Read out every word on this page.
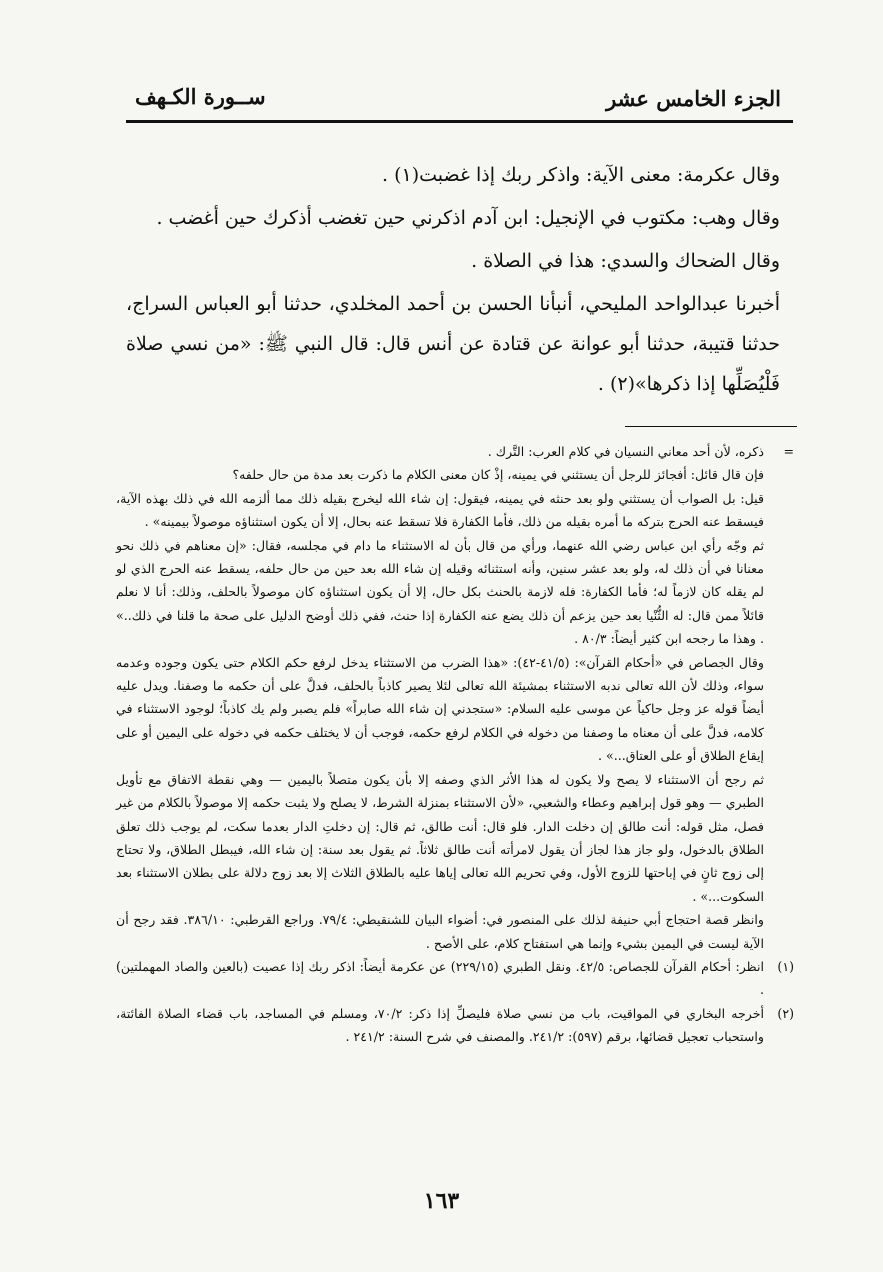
الجزء الخامس عشر
ســورة الكـهف

وقال عكرمة: معنى الآية: واذكر ربك إذا غضبت(١) .

وقال وهب: مكتوب في الإنجيل: ابن آدم اذكرني حين تغضب أذكرك حين أغضب .

وقال الضحاك والسدي: هذا في الصلاة .

أخبرنا عبدالواحد المليحي، أنبأنا الحسن بن أحمد المخلدي، حدثنا أبو العباس السراج، حدثنا قتيبة، حدثنا أبو عوانة عن قتادة عن أنس قال: قال النبي ﷺ: «من نسي صلاة فَلْيُصَلِّها إذا ذكرها»(٢) .

=
ذكره، لأن أحد معاني النسيان في كلام العرب: التَّرك .

فإن قال قائل: أفجائز للرجل أن يستثني في يمينه، إذْ كان معنى الكلام ما ذكرت بعد مدة من حال حلفه؟

قيل: بل الصواب أن يستثني ولو بعد حنثه في يمينه، فيقول: إن شاء الله ليخرج بقيله ذلك مما ألزمه الله في ذلك بهذه الآية، فيسقط عنه الحرج بتركه ما أمره بقيله من ذلك، فأما الكفارة فلا تسقط عنه بحال، إلا أن يكون استثناؤه موصولاً بيمينه» .

ثم وجّه رأي ابن عباس رضي الله عنهما، ورأي من قال بأن له الاستثناء ما دام في مجلسه، فقال: «إن معناهم في ذلك نحو معنانا في أن ذلك له، ولو بعد عشر سنين، وأنه استثنائه وقيله إن شاء الله بعد حين من حال حلفه، يسقط عنه الحرج الذي لو لم يقله كان لازماً له؛ فأما الكفارة: فله لازمة بالحنث بكل حال، إلا أن يكون استثناؤه كان موصولاً بالحلف، وذلك: أنا لا نعلم قائلاً ممن قال: له الثُّنْيا بعد حين يزعم أن ذلك يضع عنه الكفارة إذا حنث، ففي ذلك أوضح الدليل على صحة ما قلنا في ذلك..» . وهذا ما رجحه ابن كثير أيضاً: ٨٠/٣ .

وقال الجصاص في «أحكام القرآن»: (٤١/٥-٤٢): «هذا الضرب من الاستثناء يدخل لرفع حكم الكلام حتى يكون وجوده وعدمه سواء، وذلك لأن الله تعالى ندبه الاستثناء بمشيئة الله تعالى لئلا يصير كاذباً بالحلف، فدلَّ على أن حكمه ما وصفنا. ويدل عليه أيضاً قوله عز وجل حاكياً عن موسى عليه السلام: «ستجدني إن شاء الله صابراً» فلم يصبر ولم يك كاذباً؛ لوجود الاستثناء في كلامه، فدلَّ على أن معناه ما وصفنا من دخوله في الكلام لرفع حكمه، فوجب أن لا يختلف حكمه في دخوله على اليمين أو على إيقاع الطلاق أو على العتاق...» .

ثم رجح أن الاستثناء لا يصح ولا يكون له هذا الأثر الذي وصفه إلا بأن يكون متصلاً باليمين — وهي نقطة الاتفاق مع تأويل الطبري — وهو قول إبراهيم وعطاء والشعبي، «لأن الاستثناء بمنزلة الشرط، لا يصلح ولا يثبت حكمه إلا موصولاً بالكلام من غير فصل، مثل قوله: أنت طالق إن دخلت الدار. فلو قال: أنت طالق، ثم قال: إن دخلتِ الدار بعدما سكت، لم يوجب ذلك تعلق الطلاق بالدخول، ولو جاز هذا لجاز أن يقول لامرأته أنت طالق ثلاثاً. ثم يقول بعد سنة: إن شاء الله، فيبطل الطلاق، ولا تحتاج إلى زوج ثانٍ في إباحتها للزوج الأول، وفي تحريم الله تعالى إياها عليه بالطلاق الثلاث إلا بعد زوج دلالة على بطلان الاستثناء بعد السكوت...» .

وانظر قصة احتجاج أبي حنيفة لذلك على المنصور في: أضواء البيان للشنقيطي: ٧٩/٤. وراجع القرطبي: ٣٨٦/١٠. فقد رجح أن الآية ليست في اليمين بشيء وإنما هي استفتاح كلام، على الأصح .

(١)
انظر: أحكام القرآن للجصاص: ٤٢/٥. ونقل الطبري (٢٢٩/١٥) عن عكرمة أيضاً: اذكر ربك إذا عصيت (بالعين والصاد المهملتين) .
(٢)
أخرجه البخاري في المواقيت، باب من نسي صلاة فليصلِّ إذا ذكر: ٧٠/٢، ومسلم في المساجد، باب قضاء الصلاة الفائتة، واستحباب تعجيل قضائها، برقم (٥٩٧): ٢٤١/٢. والمصنف في شرح السنة: ٢٤١/٢ .
١٦٣
